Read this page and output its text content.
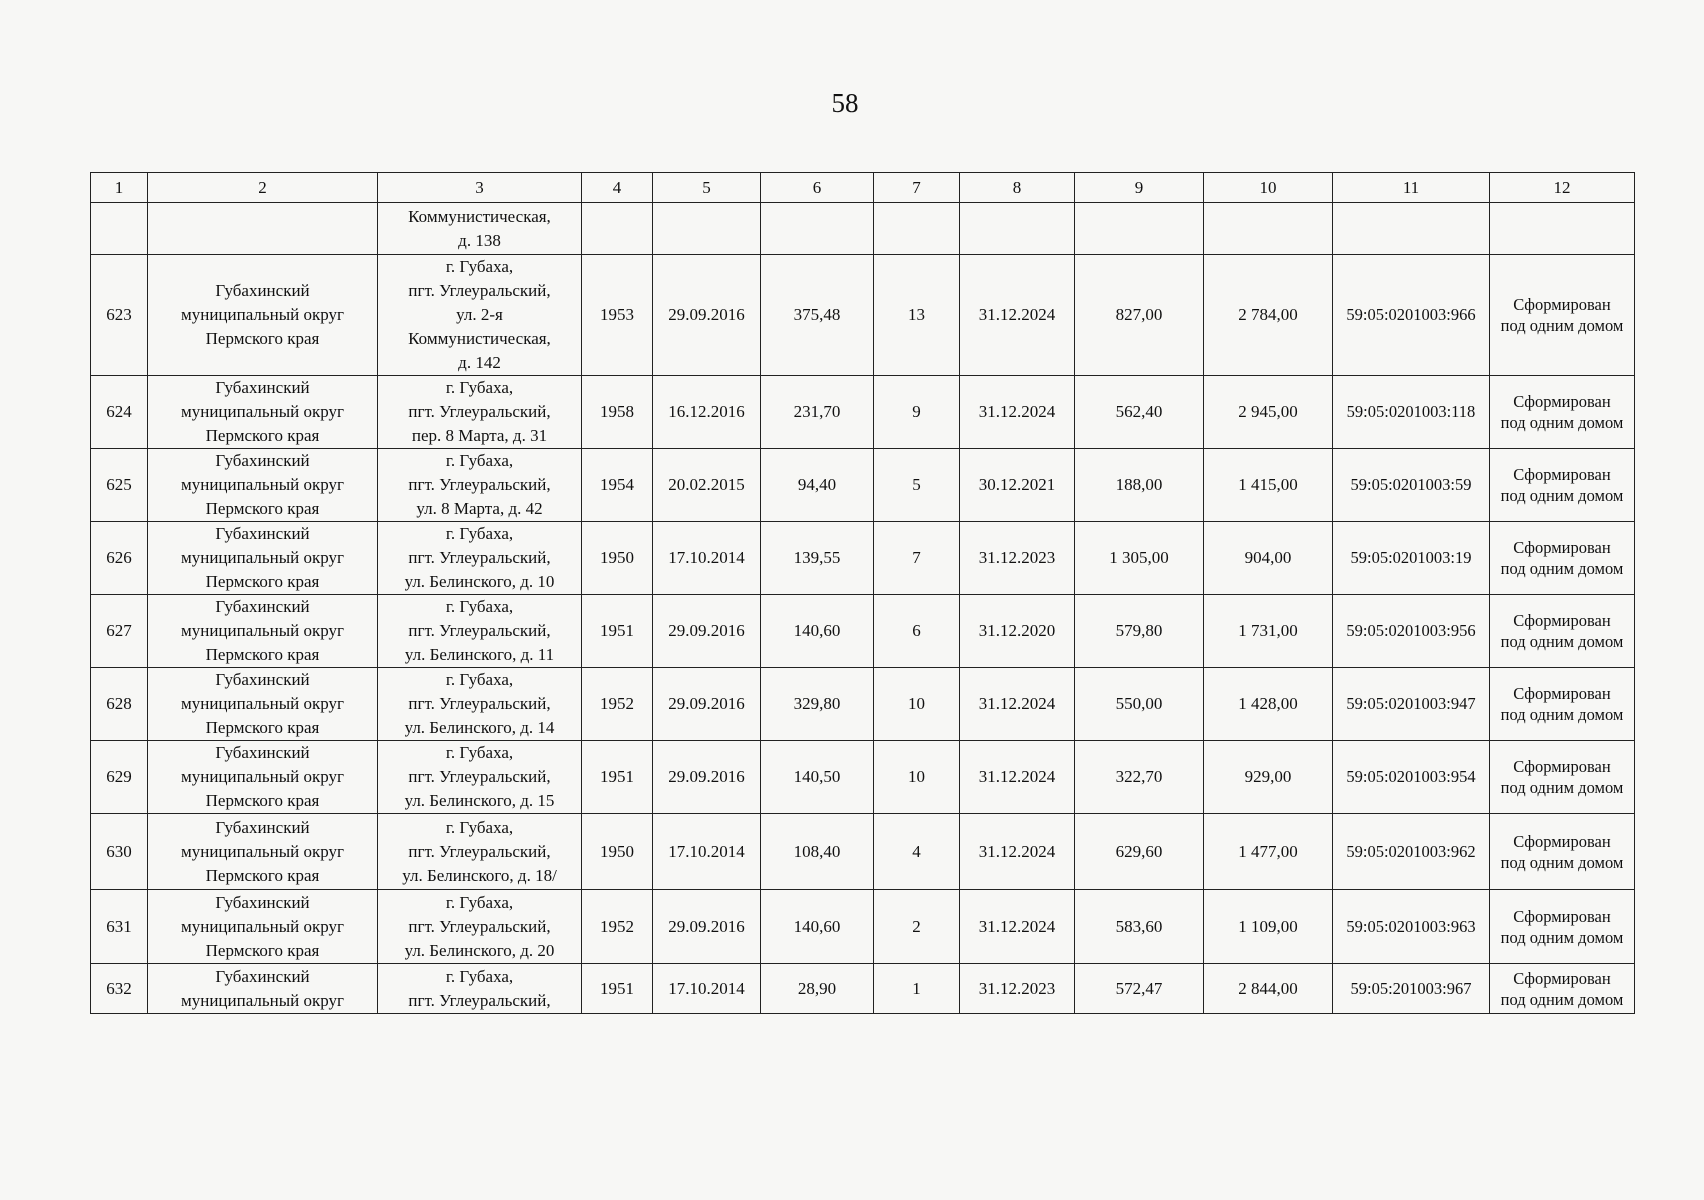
58
1	2	3	4	5	6	7	8	9	10	11	12
		Коммунистическая,
д. 138									
623	Губахинский
муниципальный округ
Пермского края	г. Губаха,
пгт. Углеуральский,
ул. 2-я
Коммунистическая,
д. 142	1953	29.09.2016	375,48	13	31.12.2024	827,00	2 784,00	59:05:0201003:966	Сформирован
под одним домом
624	Губахинский
муниципальный округ
Пермского края	г. Губаха,
пгт. Углеуральский,
пер. 8 Марта, д. 31	1958	16.12.2016	231,70	9	31.12.2024	562,40	2 945,00	59:05:0201003:118	Сформирован
под одним домом
625	Губахинский
муниципальный округ
Пермского края	г. Губаха,
пгт. Углеуральский,
ул. 8 Марта, д. 42	1954	20.02.2015	94,40	5	30.12.2021	188,00	1 415,00	59:05:0201003:59	Сформирован
под одним домом
626	Губахинский
муниципальный округ
Пермского края	г. Губаха,
пгт. Углеуральский,
ул. Белинского, д. 10	1950	17.10.2014	139,55	7	31.12.2023	1 305,00	904,00	59:05:0201003:19	Сформирован
под одним домом
627	Губахинский
муниципальный округ
Пермского края	г. Губаха,
пгт. Углеуральский,
ул. Белинского, д. 11	1951	29.09.2016	140,60	6	31.12.2020	579,80	1 731,00	59:05:0201003:956	Сформирован
под одним домом
628	Губахинский
муниципальный округ
Пермского края	г. Губаха,
пгт. Углеуральский,
ул. Белинского, д. 14	1952	29.09.2016	329,80	10	31.12.2024	550,00	1 428,00	59:05:0201003:947	Сформирован
под одним домом
629	Губахинский
муниципальный округ
Пермского края	г. Губаха,
пгт. Углеуральский,
ул. Белинского, д. 15	1951	29.09.2016	140,50	10	31.12.2024	322,70	929,00	59:05:0201003:954	Сформирован
под одним домом
630	Губахинский
муниципальный округ
Пермского края	г. Губаха,
пгт. Углеуральский,
ул. Белинского, д. 18/	1950	17.10.2014	108,40	4	31.12.2024	629,60	1 477,00	59:05:0201003:962	Сформирован
под одним домом
631	Губахинский
муниципальный округ
Пермского края	г. Губаха,
пгт. Углеуральский,
ул. Белинского, д. 20	1952	29.09.2016	140,60	2	31.12.2024	583,60	1 109,00	59:05:0201003:963	Сформирован
под одним домом
632	Губахинский
муниципальный округ	г. Губаха,
пгт. Углеуральский,	1951	17.10.2014	28,90	1	31.12.2023	572,47	2 844,00	59:05:201003:967	Сформирован
под одним домом
